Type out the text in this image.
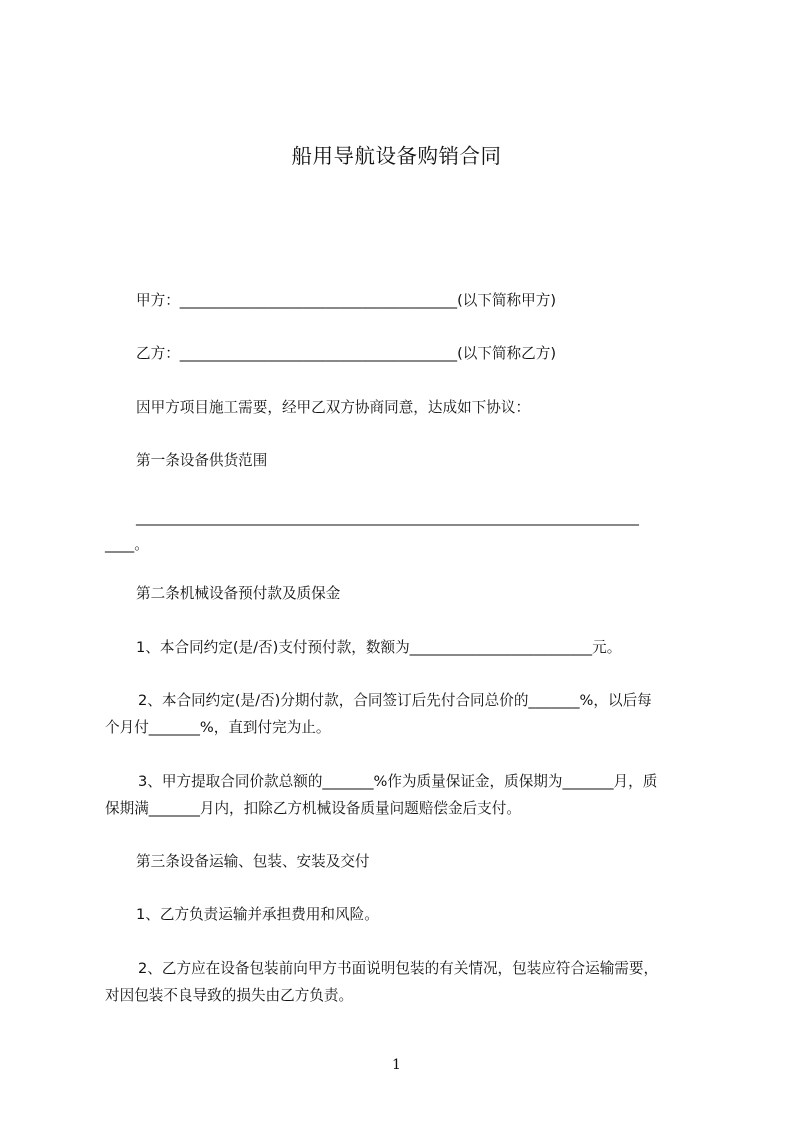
船用导航设备购销合同
甲方：______________________________________(以下简称甲方)
乙方：______________________________________(以下简称乙方)
因甲方项目施工需要，经甲乙双方协商同意，达成如下协议：
第一条设备供货范围
___________________________________________________________________________
____。
第二条机械设备预付款及质保金
1、本合同约定(是/否)支付预付款，数额为_________________________元。
2、本合同约定(是/否)分期付款，合同签订后先付合同总价的_______%，以后每
个月付_______%，直到付完为止。
3、甲方提取合同价款总额的_______%作为质量保证金，质保期为_______月，质
保期满_______月内，扣除乙方机械设备质量问题赔偿金后支付。
第三条设备运输、包装、安装及交付
1、乙方负责运输并承担费用和风险。
2、乙方应在设备包装前向甲方书面说明包装的有关情况，包装应符合运输需要，
对因包装不良导致的损失由乙方负责。
1
